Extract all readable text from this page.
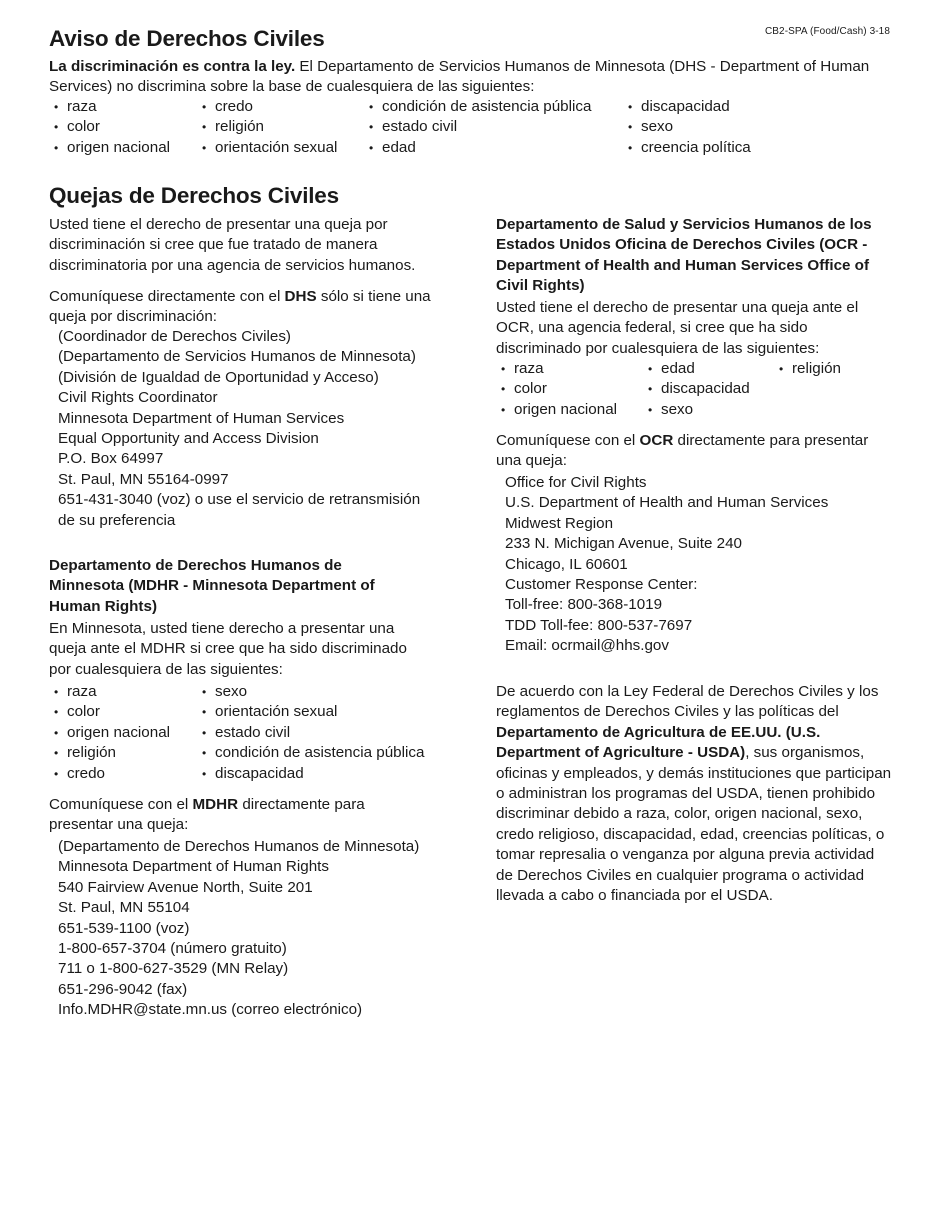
CB2-SPA (Food/Cash) 3-18
Aviso de Derechos Civiles

La discriminación es contra la ley. El Departamento de Servicios Humanos de Minnesota (DHS - Department of Human Services) no discrimina sobre la base de cualesquiera de las siguientes:

• raza	• credo	• condición de asistencia pública	• discapacidad
• color	• religión	• estado civil	• sexo
• origen nacional	• orientación sexual	• edad	• creencia política
Quejas de Derechos Civiles

Usted tiene el derecho de presentar una queja por discriminación si cree que fue tratado de manera discriminatoria por una agencia de servicios humanos.

Comuníquese directamente con el DHS sólo si tiene una queja por discriminación:

(Coordinador de Derechos Civiles)
(Departamento de Servicios Humanos de Minnesota)
(División de Igualdad de Oportunidad y Acceso)
Civil Rights Coordinator
Minnesota Department of Human Services
Equal Opportunity and Access Division
P.O. Box 64997
St. Paul, MN 55164-0997
651-431-3040 (voz) o use el servicio de retransmisión
de su preferencia

Departamento de Derechos Humanos de Minnesota (MDHR - Minnesota Department of Human Rights)

En Minnesota, usted tiene derecho a presentar una queja ante el MDHR si cree que ha sido discriminado por cualesquiera de las siguientes:

• raza	• sexo
• color	• orientación sexual
• origen nacional	• estado civil
• religión	• condición de asistencia pública
• credo	• discapacidad

Comuníquese con el MDHR directamente para presentar una queja:

(Departamento de Derechos Humanos de Minnesota)
Minnesota Department of Human Rights
540 Fairview Avenue North, Suite 201
St. Paul, MN 55104
651-539-1100 (voz)
1-800-657-3704 (número gratuito)
711 o 1-800-627-3529 (MN Relay)
651-296-9042 (fax)
Info.MDHR@state.mn.us (correo electrónico)

Departamento de Salud y Servicios Humanos de los Estados Unidos Oficina de Derechos Civiles (OCR - Department of Health and Human Services Office of Civil Rights)

Usted tiene el derecho de presentar una queja ante el OCR, una agencia federal, si cree que ha sido discriminado por cualesquiera de las siguientes:

• raza	• edad	• religión
• color	• discapacidad
• origen nacional	• sexo

Comuníquese con el OCR directamente para presentar una queja:

Office for Civil Rights
U.S. Department of Health and Human Services
Midwest Region
233 N. Michigan Avenue, Suite 240
Chicago, IL 60601
Customer Response Center:
Toll-free: 800-368-1019
TDD Toll-fee: 800-537-7697
Email: ocrmail@hhs.gov

De acuerdo con la Ley Federal de Derechos Civiles y los reglamentos de Derechos Civiles y las políticas del Departamento de Agricultura de EE.UU. (U.S. Department of Agriculture - USDA), sus organismos, oficinas y empleados, y demás instituciones que participan o administran los programas del USDA, tienen prohibido discriminar debido a raza, color, origen nacional, sexo, credo religioso, discapacidad, edad, creencias políticas, o tomar represalia o venganza por alguna previa actividad de Derechos Civiles en cualquier programa o actividad llevada a cabo o financiada por el USDA.
